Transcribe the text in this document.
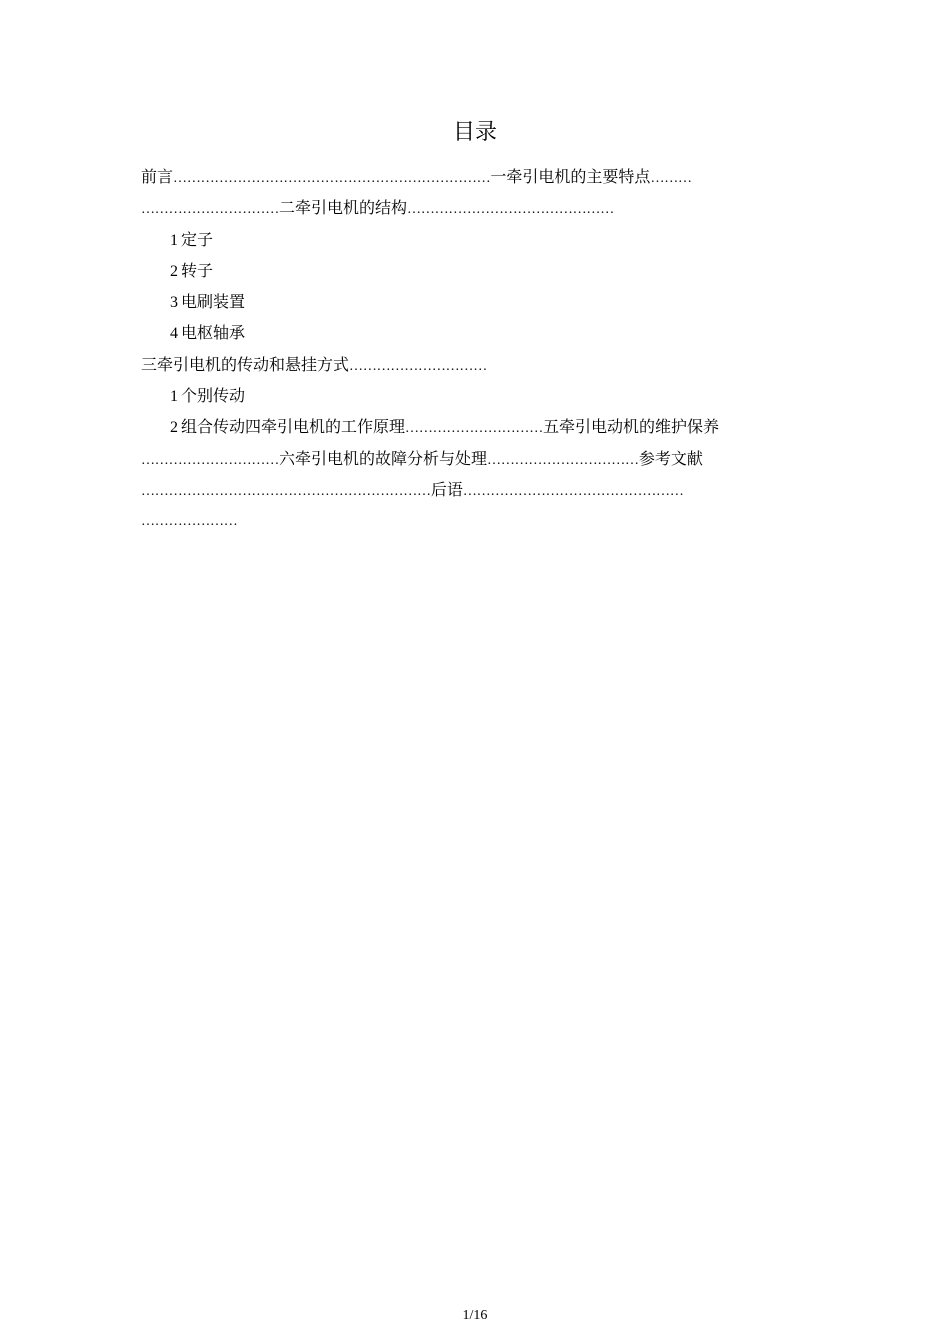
目录
前言……………………………………………………………一牵引电机的主要特点………
…………………………二牵引电机的结构………………………………………
1 定子
2 转子
3 电刷装置
4 电枢轴承
三牵引电机的传动和悬挂方式…………………………
1 个别传动
2 组合传动四牵引电机的工作原理…………………………五牵引电动机的维护保养
…………………………六牵引电机的故障分析与处理……………………………参考文献
………………………………………………………后语…………………………………………
…………………
1/16
